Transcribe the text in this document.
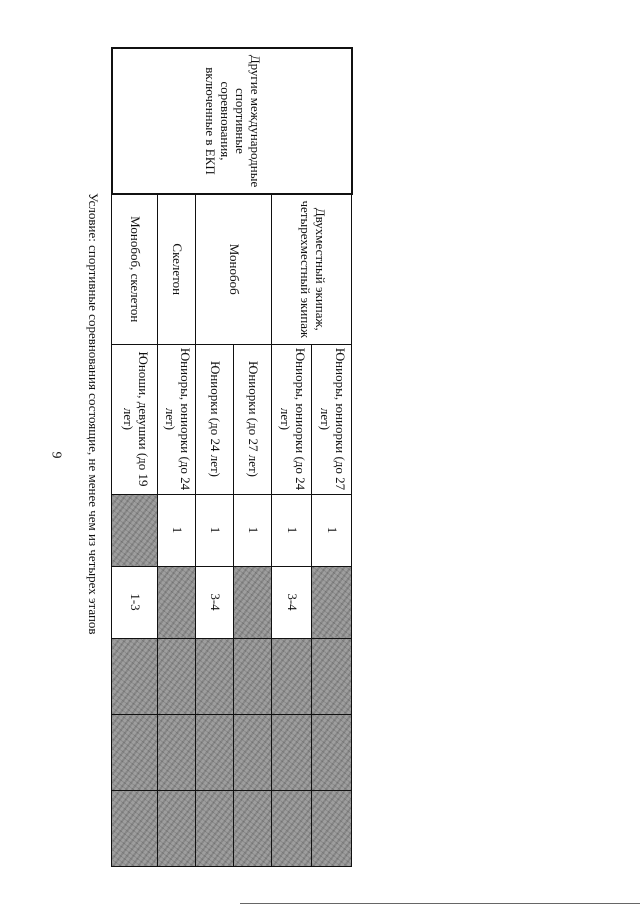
9
Другие международные спортивные соревнования, включенные в ЕКП	Двухместный экипаж,
четырехместный экипаж	Юниоры, юниорки (до 27 лет)	1				
		Юниоры, юниорки (до 24 лет)	1	3-4			
	Монобоб	Юниорки (до 27 лет)	1				
		Юниорки (до 24 лет)	1	3-4			
	Скелетон	Юниоры, юниорки (до 24 лет)	1				
	Монобоб, скелетон	Юноши, девушки (до 19 лет)		1-3			
Условие: спортивные соревнования состоящие, не менее чем из четырех этапов
